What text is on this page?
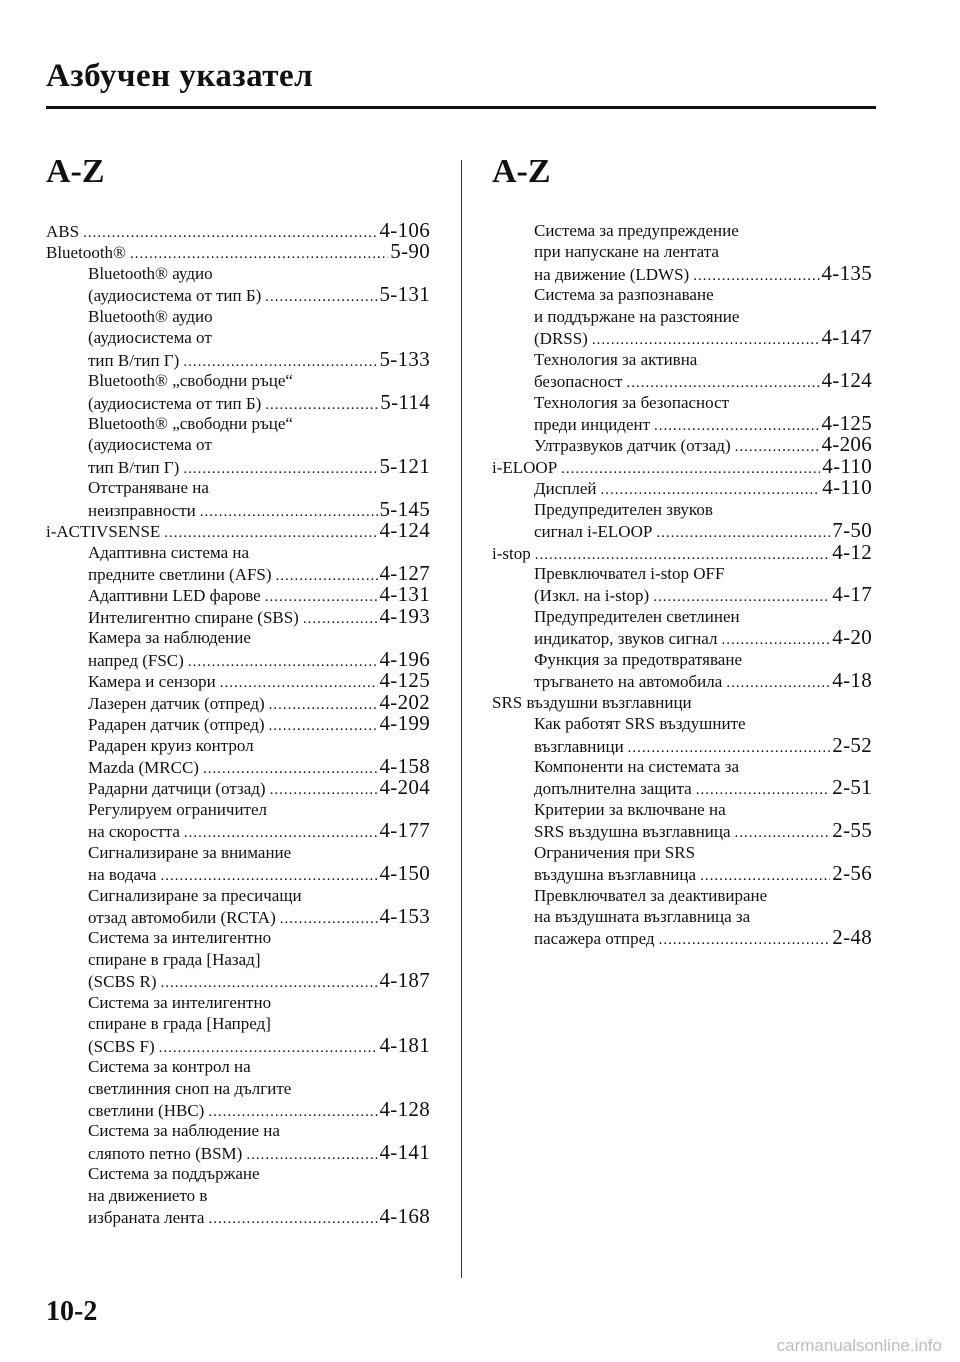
Азбучен указател
A-Z
ABS .....	4-106
Bluetooth® .....	5-90
Bluetooth® аудио
(аудиосистема от тип Б) .....	5-131
Bluetooth® аудио
(аудиосистема от
тип В/тип Г) .....	5-133
Bluetooth® „свободни ръце“
(аудиосистема от тип Б) .....	5-114
Bluetooth® „свободни ръце“
(аудиосистема от
тип В/тип Г) .....	5-121
Отстраняване на
неизправности .....	5-145
i-ACTIVSENSE .....	4-124
Адаптивна система на
предните светлини (AFS) .....	4-127
Адаптивни LED фарове .....	4-131
Интелигентно спиране (SBS) .....	4-193
Камера за наблюдение
напред (FSC) .....	4-196
Камера и сензори .....	4-125
Лазерен датчик (отпред) .....	4-202
Радарен датчик (отпред) .....	4-199
Радарен круиз контрол
Mazda (MRCC) .....	4-158
Радарни датчици (отзад) .....	4-204
Регулируем ограничител
на скоростта .....	4-177
Сигнализиране за внимание
на водача .....	4-150
Сигнализиране за пресичащи
отзад автомобили (RCTA) .....	4-153
Система за интелигентно
спиране в града [Назад]
(SCBS R) .....	4-187
Система за интелигентно
спиране в града [Напред]
(SCBS F) .....	4-181
Система за контрол на
светлинния сноп на дългите
светлини (HBC) .....	4-128
Система за наблюдение на
сляпото петно (BSM) .....	4-141
Система за поддържане
на движението в
избраната лента .....	4-168
A-Z
Система за предупреждение
при напускане на лентата
на движение (LDWS) .....	4-135
Система за разпознаване
и поддържане на разстояние
(DRSS) .....	4-147
Технология за активна
безопасност .....	4-124
Технология за безопасност
преди инцидент .....	4-125
Ултразвуков датчик (отзад) .....	4-206
i-ELOOP .....	4-110
Дисплей .....	4-110
Предупредителен звуков
сигнал i-ELOOP .....	7-50
i-stop .....	4-12
Превключвател i-stop OFF
(Изкл. на i-stop) .....	4-17
Предупредителен светлинен
индикатор, звуков сигнал .....	4-20
Функция за предотвратяване
тръгването на автомобила .....	4-18
SRS въздушни възглавници
Как работят SRS въздушните
възглавници .....	2-52
Компоненти на системата за
допълнителна защита .....	2-51
Критерии за включване на
SRS въздушна възглавница .....	2-55
Ограничения при SRS
въздушна възглавница .....	2-56
Превключвател за деактивиране
на въздушната възглавница за
пасажера отпред .....	2-48
10-2
carmanualsonline.info
